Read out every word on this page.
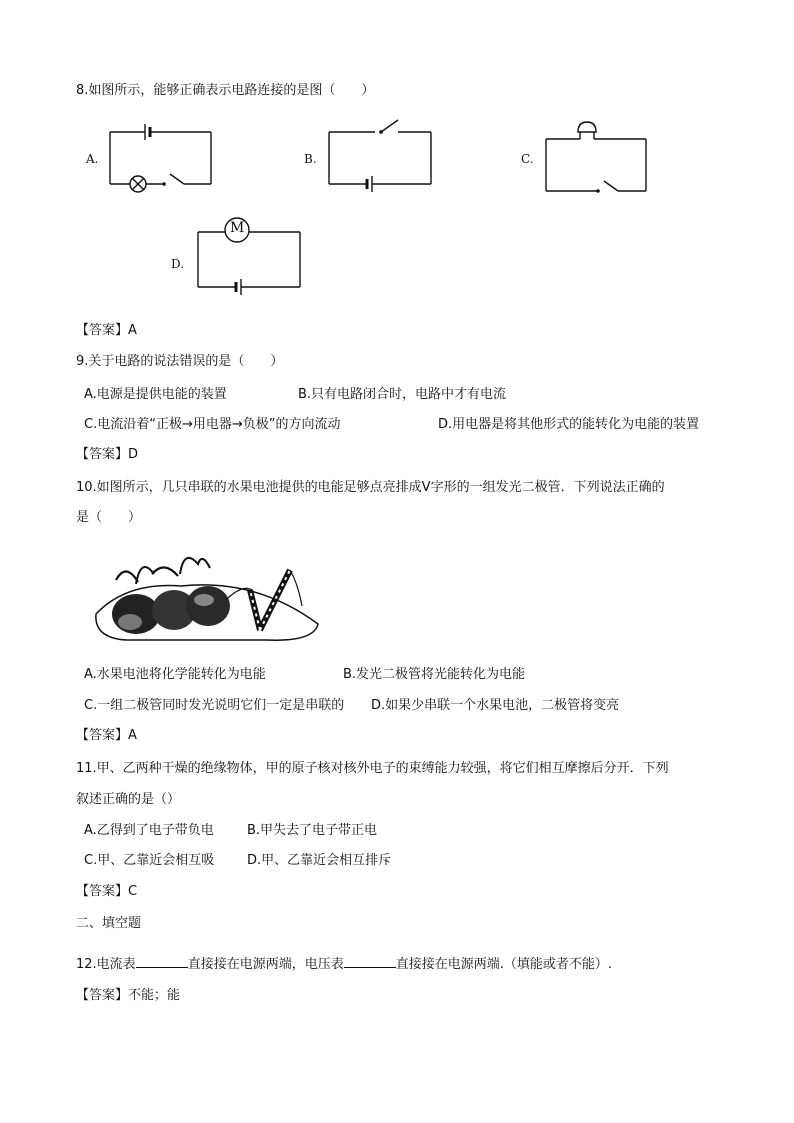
8.如图所示，能够正确表示电路连接的是图（　　）
A.	B.	C.
D.
M
【答案】A
9.关于电路的说法错误的是（　　）
A.电源是提供电能的装置	B.只有电路闭合时，电路中才有电流
C.电流沿着“正极→用电器→负极”的方向流动	D.用电器是将其他形式的能转化为电能的装置
【答案】D
10.如图所示，几只串联的水果电池提供的电能足够点亮排成V字形的一组发光二极管．下列说法正确的
是（　　）
A.水果电池将化学能转化为电能	B.发光二极管将光能转化为电能
C.一组二极管同时发光说明它们一定是串联的 D.如果少串联一个水果电池，二极管将变亮
【答案】A
11.甲、乙两种干燥的绝缘物体，甲的原子核对核外电子的束缚能力较强，将它们相互摩擦后分开．下列
叙述正确的是（）
A.乙得到了电子带负电	B.甲失去了电子带正电
C.甲、乙靠近会相互吸	D.甲、乙靠近会相互排斥
【答案】C
二、填空题
12.电流表	直接接在电源两端，电压表	直接接在电源两端.（填能或者不能）.
【答案】不能；能
